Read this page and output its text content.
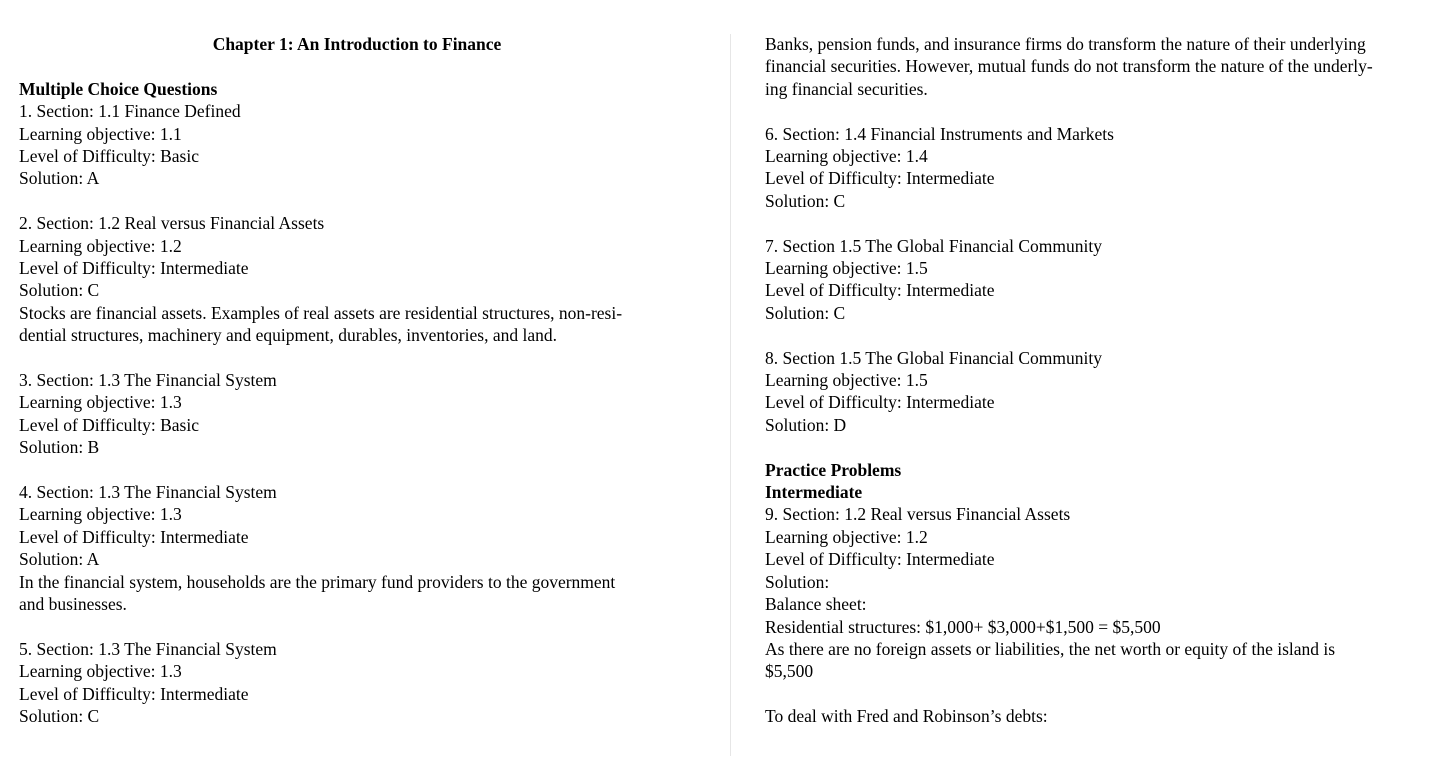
Chapter 1: An Introduction to Finance
Multiple Choice Questions
1. Section: 1.1 Finance Defined
Learning objective: 1.1
Level of Difficulty: Basic
Solution: A
2. Section: 1.2 Real versus Financial Assets
Learning objective: 1.2
Level of Difficulty: Intermediate
Solution: C
Stocks are financial assets. Examples of real assets are residential structures, non-resi-
dential structures, machinery and equipment, durables, inventories, and land.
3. Section: 1.3 The Financial System
Learning objective: 1.3
Level of Difficulty: Basic
Solution: B
4. Section: 1.3 The Financial System
Learning objective: 1.3
Level of Difficulty: Intermediate
Solution: A
In the financial system, households are the primary fund providers to the government
and businesses.
5. Section: 1.3 The Financial System
Learning objective: 1.3
Level of Difficulty: Intermediate
Solution: C
Banks, pension funds, and insurance firms do transform the nature of their underlying
financial securities. However, mutual funds do not transform the nature of the underly-
ing financial securities.
6. Section: 1.4 Financial Instruments and Markets
Learning objective: 1.4
Level of Difficulty: Intermediate
Solution: C
7. Section 1.5 The Global Financial Community
Learning objective: 1.5
Level of Difficulty: Intermediate
Solution: C
8. Section 1.5 The Global Financial Community
Learning objective: 1.5
Level of Difficulty: Intermediate
Solution: D
Practice Problems
Intermediate
9. Section: 1.2 Real versus Financial Assets
Learning objective: 1.2
Level of Difficulty: Intermediate
Solution:
Balance sheet:
Residential structures: $1,000+ $3,000+$1,500 = $5,500
As there are no foreign assets or liabilities, the net worth or equity of the island is
$5,500
To deal with Fred and Robinson’s debts:
